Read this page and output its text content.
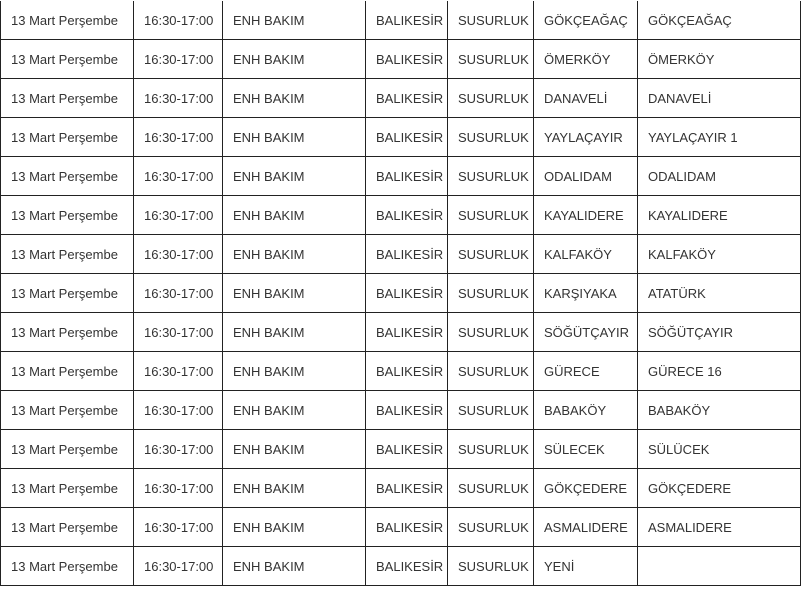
13 Mart Perşembe	16:30-17:00	ENH BAKIM	BALIKESİR	SUSURLUK	GÖKÇEAĞAÇ	GÖKÇEAĞAÇ
13 Mart Perşembe	16:30-17:00	ENH BAKIM	BALIKESİR	SUSURLUK	ÖMERKÖY	ÖMERKÖY
13 Mart Perşembe	16:30-17:00	ENH BAKIM	BALIKESİR	SUSURLUK	DANAVELİ	DANAVELİ
13 Mart Perşembe	16:30-17:00	ENH BAKIM	BALIKESİR	SUSURLUK	YAYLAÇAYIR	YAYLAÇAYIR 1
13 Mart Perşembe	16:30-17:00	ENH BAKIM	BALIKESİR	SUSURLUK	ODALIDAM	ODALIDAM
13 Mart Perşembe	16:30-17:00	ENH BAKIM	BALIKESİR	SUSURLUK	KAYALIDERE	KAYALIDERE
13 Mart Perşembe	16:30-17:00	ENH BAKIM	BALIKESİR	SUSURLUK	KALFAKÖY	KALFAKÖY
13 Mart Perşembe	16:30-17:00	ENH BAKIM	BALIKESİR	SUSURLUK	KARŞIYAKA	ATATÜRK
13 Mart Perşembe	16:30-17:00	ENH BAKIM	BALIKESİR	SUSURLUK	SÖĞÜTÇAYIR	SÖĞÜTÇAYIR
13 Mart Perşembe	16:30-17:00	ENH BAKIM	BALIKESİR	SUSURLUK	GÜRECE	GÜRECE 16
13 Mart Perşembe	16:30-17:00	ENH BAKIM	BALIKESİR	SUSURLUK	BABAKÖY	BABAKÖY
13 Mart Perşembe	16:30-17:00	ENH BAKIM	BALIKESİR	SUSURLUK	SÜLECEK	SÜLÜCEK
13 Mart Perşembe	16:30-17:00	ENH BAKIM	BALIKESİR	SUSURLUK	GÖKÇEDERE	GÖKÇEDERE
13 Mart Perşembe	16:30-17:00	ENH BAKIM	BALIKESİR	SUSURLUK	ASMALIDERE	ASMALIDERE
13 Mart Perşembe	16:30-17:00	ENH BAKIM	BALIKESİR	SUSURLUK	YENİ	
